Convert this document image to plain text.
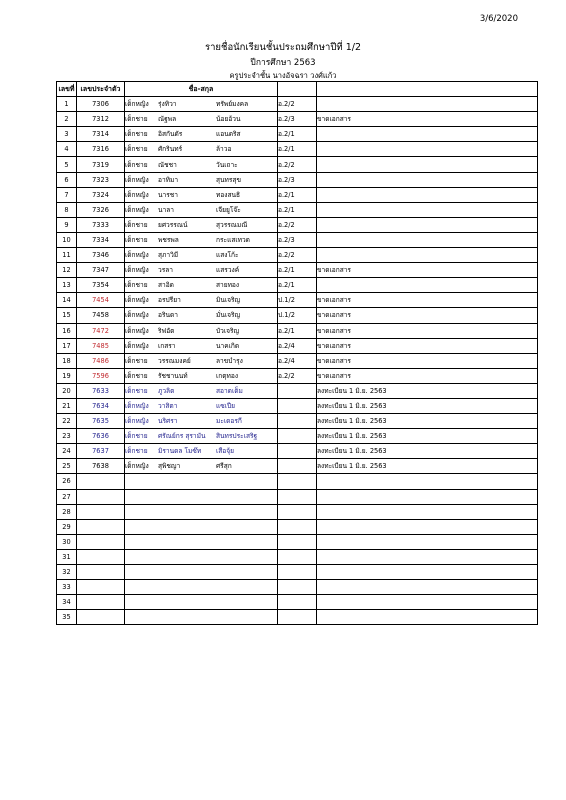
3/6/2020
รายชื่อนักเรียนชั้นประถมศึกษาปีที่ 1/2
ปีการศึกษา 2563
ครูประจำชั้น นางอัจฉรา วงศ์แก้ว
เลขที่	เลขประจำตัว	ชื่อ-สกุล		
1	7306	เด็กหญิง รุ่งทิวา ทรัพย์มงคล	อ.2/2	
2	7312	เด็กชาย ณัฐพล น้อยอ้วน	อ.2/3	ขาดเอกสาร
3	7314	เด็กชาย อิสกันดัร แอนดริส	อ.2/1	
4	7316	เด็กชาย ศักรินทร์ ล้าวอ	อ.2/1	
5	7319	เด็กชาย ณัชชา วันเถาะ	อ.2/2	
6	7323	เด็กหญิง อาทิมา สุนทรสุข	อ.2/3	
7	7324	เด็กหญิง นารชา ทองสนธิ	อ.2/1	
8	7326	เด็กหญิง นาลา เจียยูโจ๊ะ	อ.2/1	
9	7333	เด็กชาย ยศวรรณน์ สุวรรณมณี	อ.2/2	
10	7334	เด็กชาย พชรพล กระแสเทวด	อ.2/3	
11	7346	เด็กหญิง สุภาวิมี แสงโก้ะ	อ.2/2	
12	7347	เด็กหญิง วรลา แสรวงค์	อ.2/1	ขาดเอกสาร
13	7354	เด็กชาย สาอิด สายทอง	อ.2/1	
14	7454	เด็กหญิง อรปรียา มินเจริญ	ป.1/2	ขาดเอกสาร
15	7458	เด็กหญิง อรินดา มั่นเจริญ	ป.1/2	ขาดเอกสาร
16	7472	เด็กหญิง ริฟอัต บัวเจริญ	อ.2/1	ขาดเอกสาร
17	7485	เด็กหญิง เกสรา นาคเกิด	อ.2/4	ขาดเอกสาร
18	7486	เด็กชาย วรรณมงคย์ ลาขบำรุง	อ.2/4	ขาดเอกสาร
19	7596	เด็กชาย รัชชานนท์ เกตุทอง	อ.2/2	ขาดเอกสาร
20	7633	เด็กชาย ภูวลิต สอาดเต็ม		ลงทะเบียน 1 มิ.ย. 2563
21	7634	เด็กหญิง วาสิตา แซเปีย		ลงทะเบียน 1 มิ.ย. 2563
22	7635	เด็กหญิง นริศรา มะเดอรกี		ลงทะเบียน 1 มิ.ย. 2563
23	7636	เด็กชาย ศรัณย์กร สุรามัน สินทรประเสริฐ		ลงทะเบียน 1 มิ.ย. 2563
24	7637	เด็กชาย มิรานดล โมซ๊ท เสือจุ้ย		ลงทะเบียน 1 มิ.ย. 2563
25	7638	เด็กหญิง สุพิชญา ศรีสุก		ลงทะเบียน 1 มิ.ย. 2563
26				
27				
28				
29				
30				
31				
32				
33				
34				
35				
